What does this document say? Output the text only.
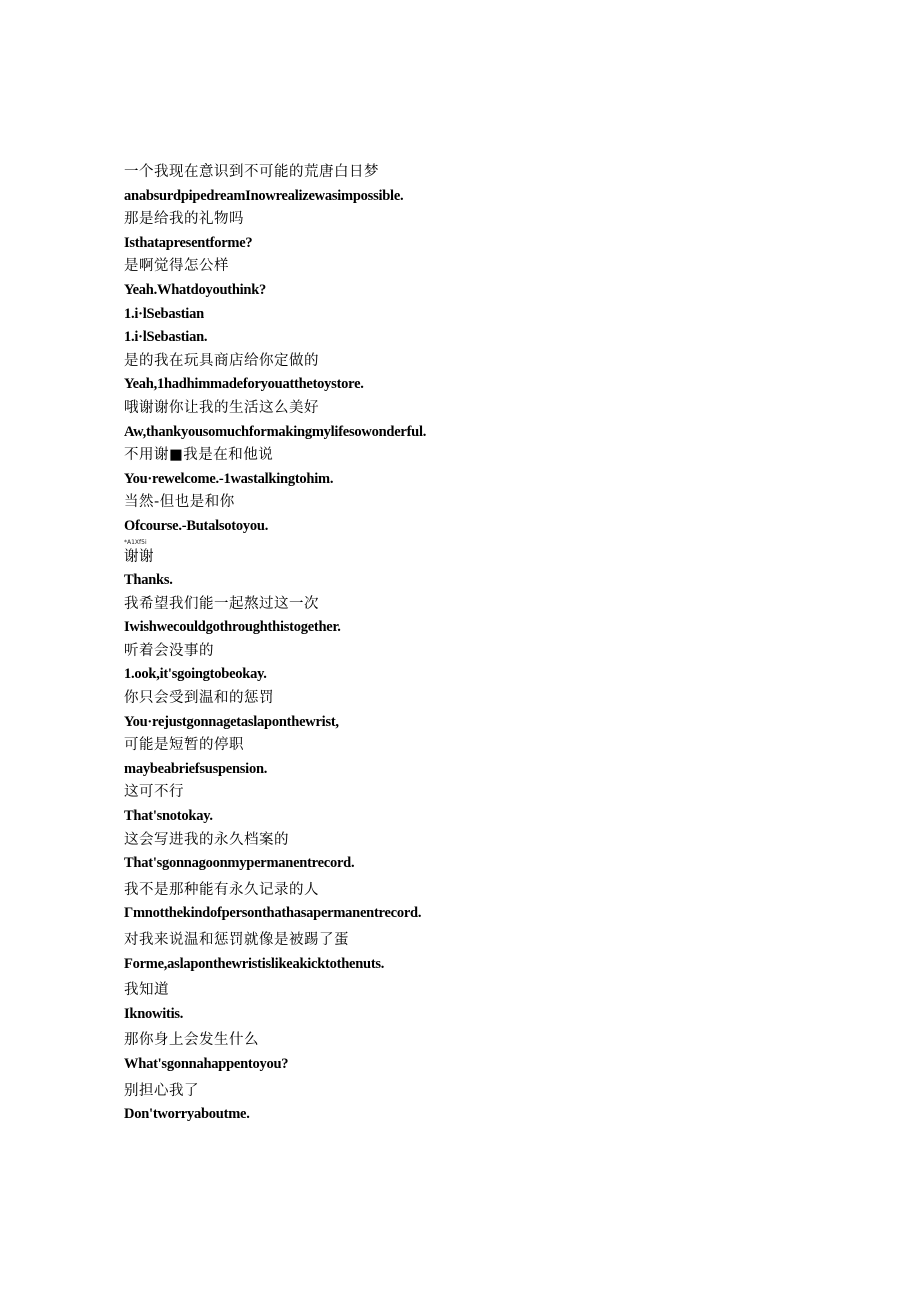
一个我现在意识到不可能的荒唐白日梦
anabsurdpipedreamInowrealizewasimpossible.
那是给我的礼物吗
Isthatapresentforme?
是啊觉得怎公样
Yeah.Whatdoyouthink?
1.i·lSebastian
1.i·lSebastian.
是的我在玩具商店给你定做的
Yeah,1hadhimmadeforyouatthetoystore.
哦谢谢你让我的生活这么美好
Aw,thankyousomuchformakingmylifesowonderful.
不用谢■我是在和他说
You·rewelcome.-1wastalkingtohim.
当然-但也是和你
Ofcourse.-Butalsotoyou.
*A1Xf5i
谢谢
Thanks.
我希望我们能一起熬过这一次
Iwishwecouldgothroughthistogether.
听着会没事的
1.ook,it'sgoingtobeokay.
你只会受到温和的惩罚
You·rejustgonnagetaslaponthewrist,
可能是短暂的停职
maybeabriefsuspension.
这可不行
That'snotokay.
这会写进我的永久档案的
That'sgonnagoonmypermanentrecord.
我不是那种能有永久记录的人
Γmnotthekindofpersonthathasapermanentrecord.
对我来说温和惩罚就像是被踢了蛋
Forme,aslaponthewristislikeakicktothenuts.
我知道
Iknowitis.
那你身上会发生什么
What'sgonnahappentoyou?
别担心我了
Don'tworryaboutme.
